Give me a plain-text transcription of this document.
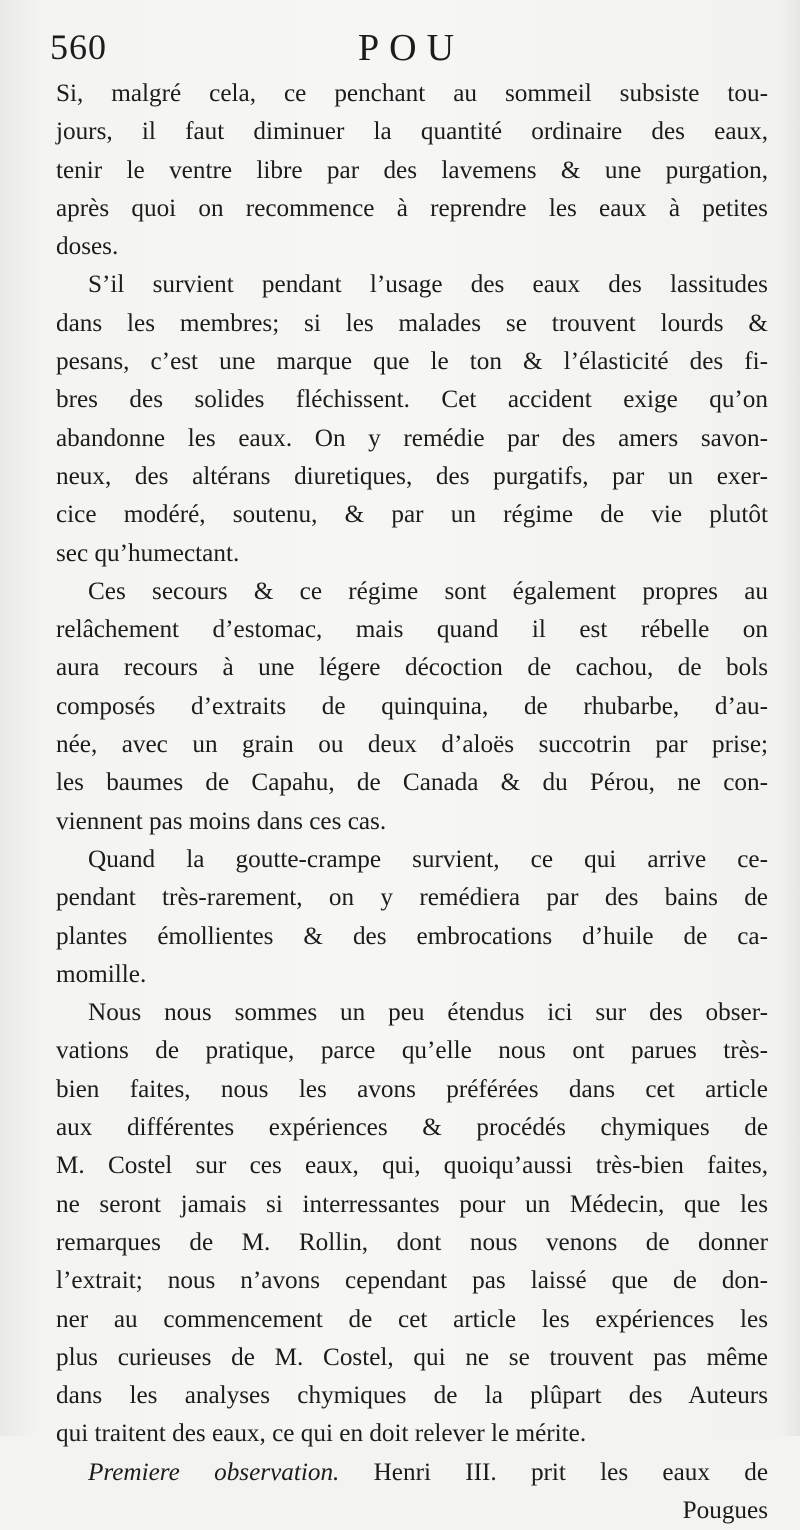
560	POU
Si, malgré cela, ce penchant au sommeil subsiste tou-
jours, il faut diminuer la quantité ordinaire des eaux,
tenir le ventre libre par des lavemens & une purgation,
après quoi on recommence à reprendre les eaux à petites
doses.
S’il survient pendant l’usage des eaux des lassitudes
dans les membres; si les malades se trouvent lourds &
pesans, c’est une marque que le ton & l’élasticité des fi-
bres des solides fléchissent. Cet accident exige qu’on
abandonne les eaux. On y remédie par des amers savon-
neux, des altérans diuretiques, des purgatifs, par un exer-
cice modéré, soutenu, & par un régime de vie plutôt
sec qu’humectant.
Ces secours & ce régime sont également propres au
relâchement d’estomac, mais quand il est rébelle on
aura recours à une légere décoction de cachou, de bols
composés d’extraits de quinquina, de rhubarbe, d’au-
née, avec un grain ou deux d’aloës succotrin par prise;
les baumes de Capahu, de Canada & du Pérou, ne con-
viennent pas moins dans ces cas.
Quand la goutte-crampe survient, ce qui arrive ce-
pendant très-rarement, on y remédiera par des bains de
plantes émollientes & des embrocations d’huile de ca-
momille.
Nous nous sommes un peu étendus ici sur des obser-
vations de pratique, parce qu’elle nous ont parues très-
bien faites, nous les avons préférées dans cet article
aux différentes expériences & procédés chymiques de
M. Costel sur ces eaux, qui, quoiqu’aussi très-bien faites,
ne seront jamais si interressantes pour un Médecin, que les
remarques de M. Rollin, dont nous venons de donner
l’extrait; nous n’avons cependant pas laissé que de don-
ner au commencement de cet article les expériences les
plus curieuses de M. Costel, qui ne se trouvent pas même
dans les analyses chymiques de la plûpart des Auteurs
qui traitent des eaux, ce qui en doit relever le mérite.
Premiere observation. Henri III. prit les eaux de
Pougues
